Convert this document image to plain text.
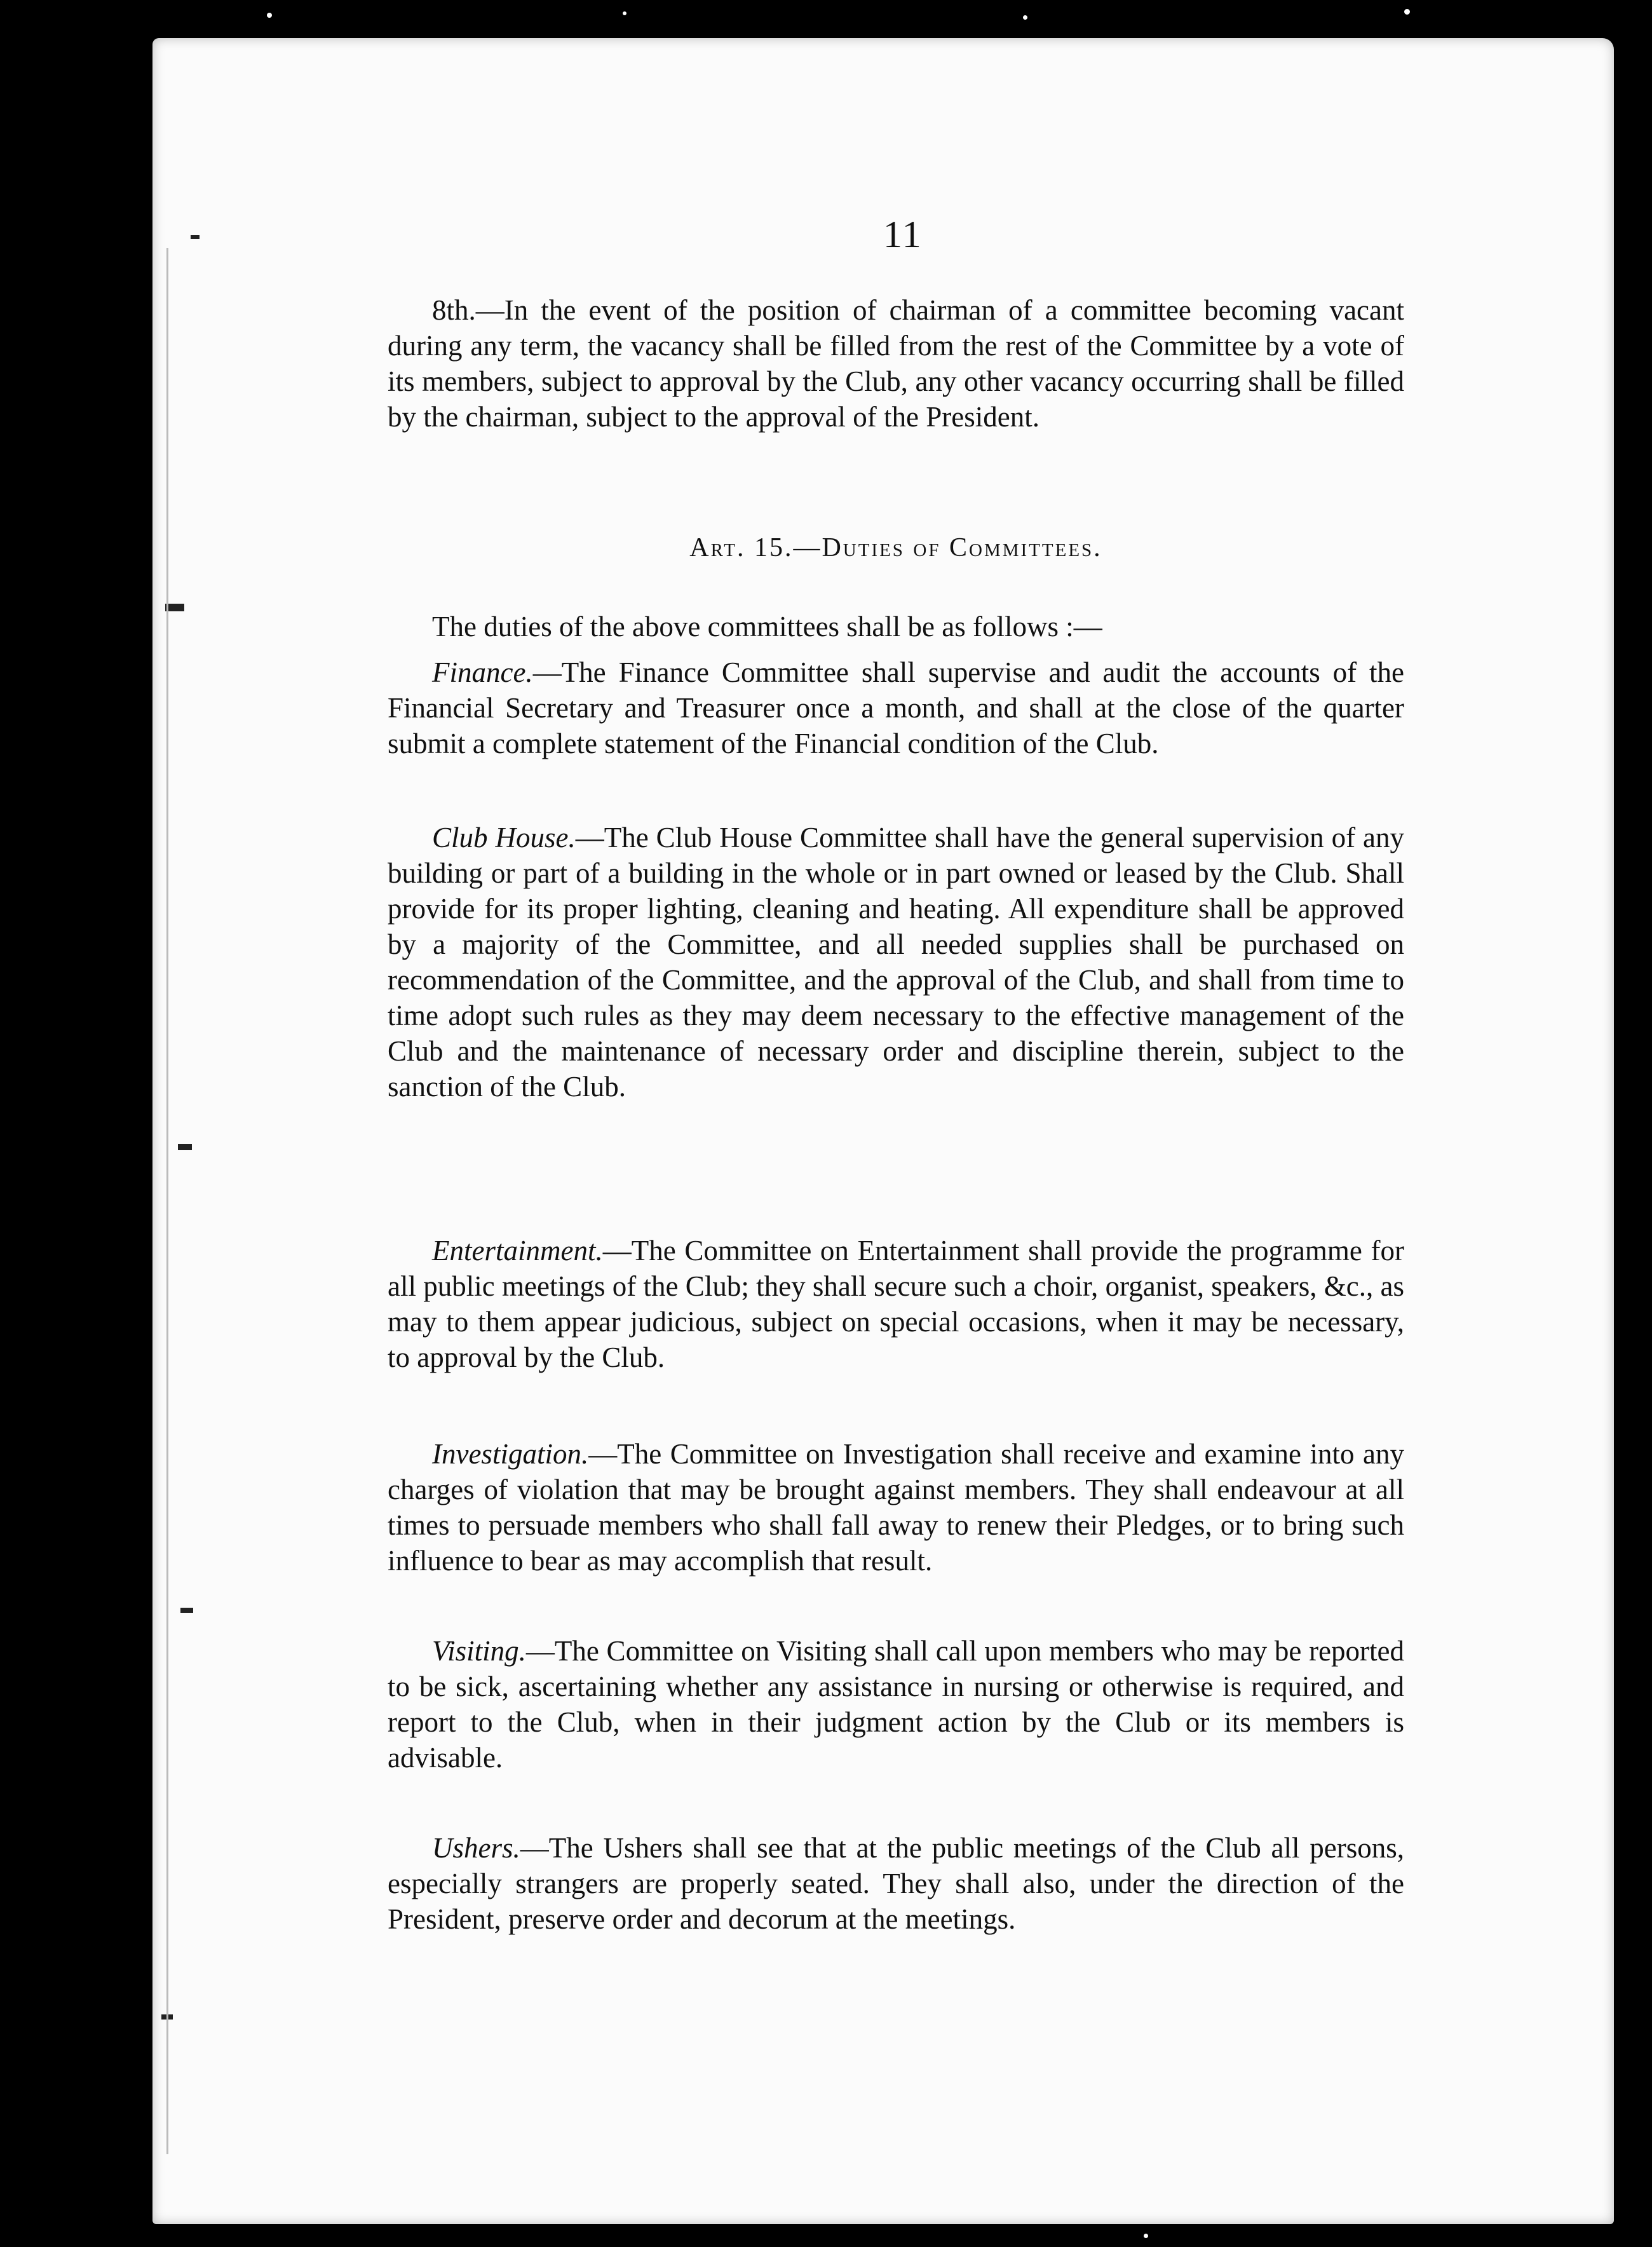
11

8th.—In the event of the position of chairman of a committee becoming vacant during any term, the vacancy shall be filled from the rest of the Committee by a vote of its members, subject to approval by the Club, any other vacancy occurring shall be filled by the chairman, subject to the approval of the President.

Art. 15.—Duties of Committees.

The duties of the above committees shall be as follows :—

Finance.—The Finance Committee shall supervise and audit the accounts of the Financial Secretary and Treasurer once a month, and shall at the close of the quarter submit a complete statement of the Financial condition of the Club.

Club House.—The Club House Committee shall have the general supervision of any building or part of a building in the whole or in part owned or leased by the Club. Shall provide for its proper lighting, cleaning and heating. All expenditure shall be approved by a majority of the Committee, and all needed supplies shall be purchased on recommendation of the Committee, and the approval of the Club, and shall from time to time adopt such rules as they may deem necessary to the effective management of the Club and the maintenance of necessary order and discipline therein, subject to the sanction of the Club.

Entertainment.—The Committee on Entertainment shall provide the programme for all public meetings of the Club; they shall secure such a choir, organist, speakers, &c., as may to them appear judicious, subject on special occasions, when it may be necessary, to approval by the Club.

Investigation.—The Committee on Investigation shall receive and examine into any charges of violation that may be brought against members. They shall endeavour at all times to persuade members who shall fall away to renew their Pledges, or to bring such influence to bear as may accomplish that result.

Visiting.—The Committee on Visiting shall call upon members who may be reported to be sick, ascertaining whether any assistance in nursing or otherwise is required, and report to the Club, when in their judgment action by the Club or its members is advisable.

Ushers.—The Ushers shall see that at the public meetings of the Club all persons, especially strangers are properly seated. They shall also, under the direction of the President, preserve order and decorum at the meetings.
